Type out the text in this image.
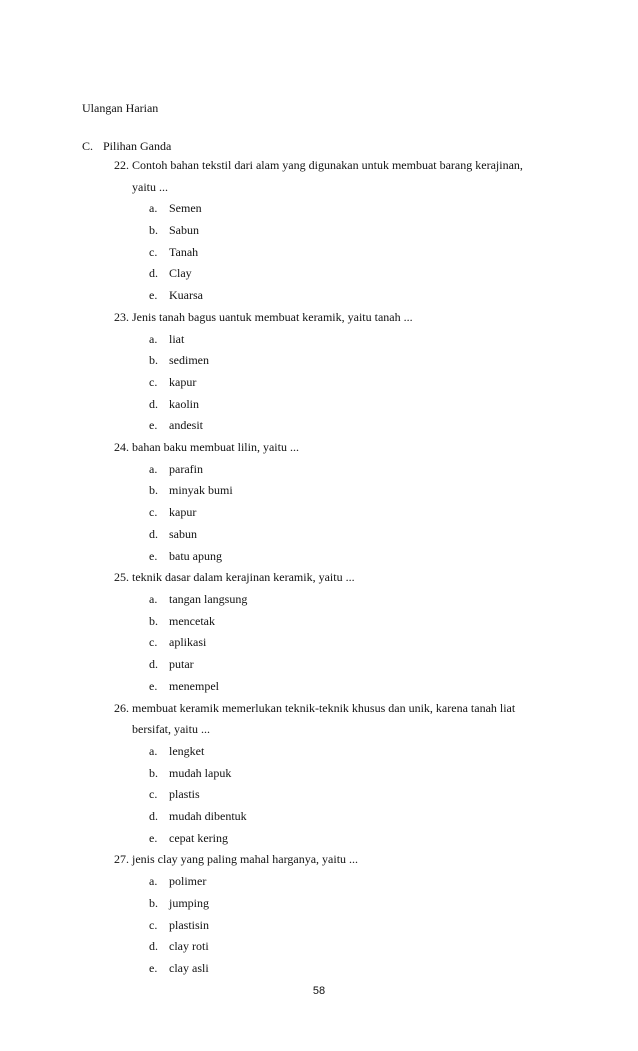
Ulangan Harian
C. Pilihan Ganda
22. Contoh bahan tekstil dari alam yang digunakan untuk membuat barang kerajinan,
yaitu ...
a. Semen
b. Sabun
c. Tanah
d. Clay
e. Kuarsa
23. Jenis tanah bagus uantuk membuat keramik, yaitu tanah ...
a. liat
b. sedimen
c. kapur
d. kaolin
e. andesit
24. bahan baku membuat lilin, yaitu ...
a. parafin
b. minyak bumi
c. kapur
d. sabun
e. batu apung
25. teknik dasar dalam kerajinan keramik, yaitu ...
a. tangan langsung
b. mencetak
c. aplikasi
d. putar
e. menempel
26. membuat keramik memerlukan teknik-teknik khusus dan unik, karena tanah liat
bersifat, yaitu ...
a. lengket
b. mudah lapuk
c. plastis
d. mudah dibentuk
e. cepat kering
27. jenis clay yang paling mahal harganya, yaitu ...
a. polimer
b. jumping
c. plastisin
d. clay roti
e. clay asli
58
